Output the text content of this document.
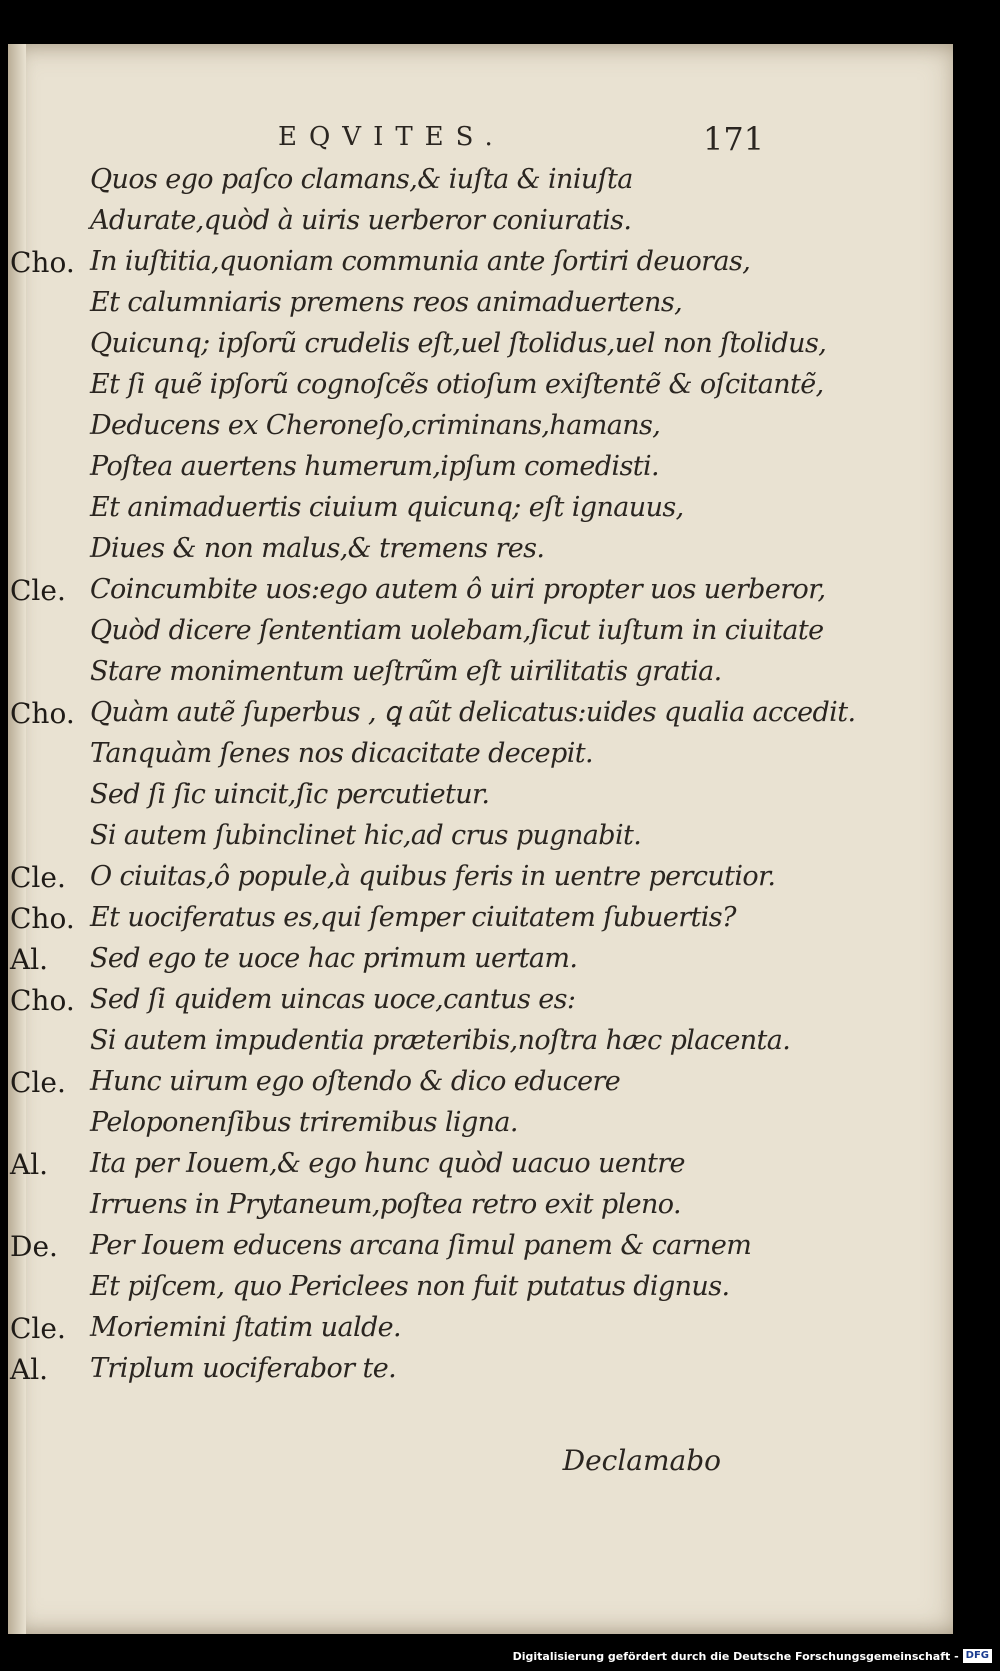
EQVITES.	171
Quos ego paſco clamans,& iuſta & iniuſta
Adurate,quòd à uiris uerberor coniuratis.
Cho. In iuſtitia,quoniam communia ante ſortiri deuoras,
Et calumniaris premens reos animaduertens,
Quicunq; ipſorũ crudelis eſt,uel ſtolidus,uel non ſtolidus,
Et ſi quẽ ipſorũ cognoſcẽs otioſum exiſtentẽ & oſcitantẽ,
Deducens ex Cheroneſo,criminans,hamans,
Poſtea auertens humerum,ipſum comedisti.
Et animaduertis ciuium quicunq; eſt ignauus,
Diues & non malus,& tremens res.
Cle. Coincumbite uos:ego autem ô uiri propter uos uerberor,
Quòd dicere ſententiam uolebam,ſicut iuſtum in ciuitate
Stare monimentum ueſtrũm eſt uirilitatis gratia.
Cho. Quàm autẽ ſuperbus , ꝗ aũt delicatus:uides qualia accedit.
Tanquàm ſenes nos dicacitate decepit.
Sed ſi ſic uincit,ſic percutietur.
Si autem ſubinclinet hic,ad crus pugnabit.
Cle. O ciuitas,ô popule,à quibus feris in uentre percutior.
Cho. Et uociferatus es,qui ſemper ciuitatem ſubuertis?
Al. Sed ego te uoce hac primum uertam.
Cho. Sed ſi quidem uincas uoce,cantus es:
Si autem impudentia præteribis,noſtra hæc placenta.
Cle. Hunc uirum ego oſtendo & dico educere
Peloponenſibus triremibus ligna.
Al. Ita per Iouem,& ego hunc quòd uacuo uentre
Irruens in Prytaneum,poſtea retro exit pleno.
De. Per Iouem educens arcana ſimul panem & carnem
Et piſcem, quo Periclees non fuit putatus dignus.
Cle. Moriemini ſtatim ualde.
Al. Triplum uociferabor te.
Declamabo
Digitalisierung gefördert durch die Deutsche Forschungsgemeinschaft - DFG
